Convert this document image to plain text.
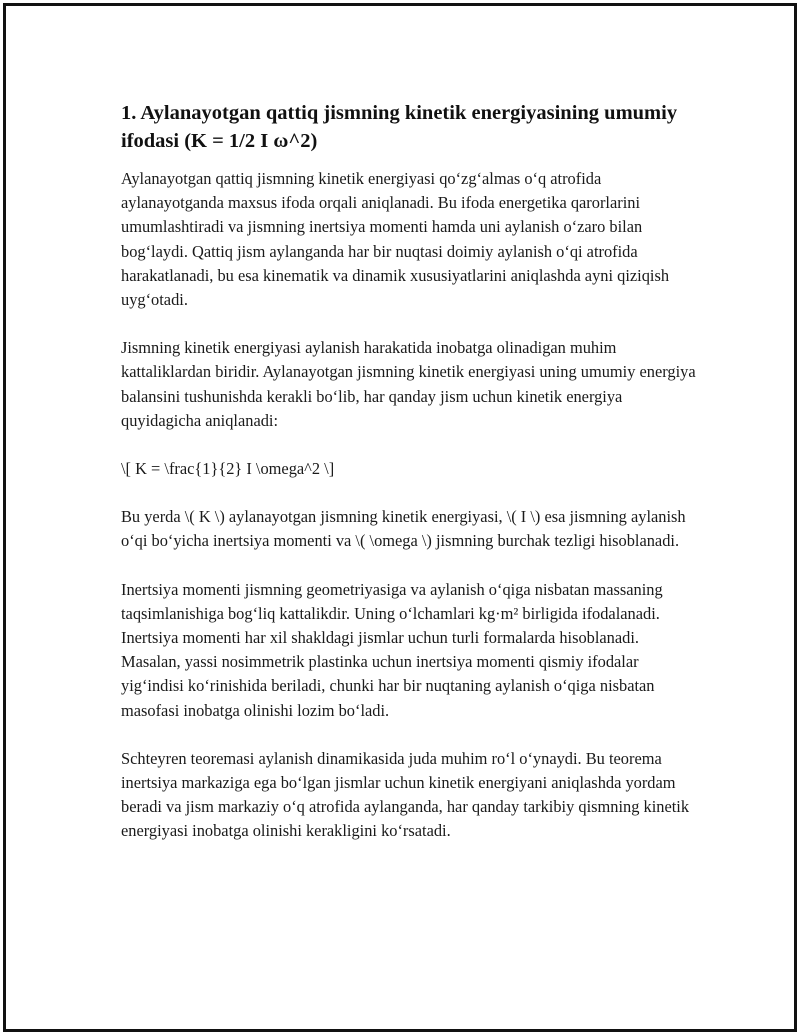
1. Aylanayotgan qattiq jismning kinetik energiyasining umumiy ifodasi (K = 1/2 I ω^2)

Aylanayotgan qattiq jismning kinetik energiyasi qo‘zg‘almas o‘q atrofida aylanayotganda maxsus ifoda orqali aniqlanadi. Bu ifoda energetika qarorlarini umumlashtiradi va jismning inertsiya momenti hamda uni aylanish o‘zaro bilan bog‘laydi. Qattiq jism aylanganda har bir nuqtasi doimiy aylanish o‘qi atrofida harakatlanadi, bu esa kinematik va dinamik xususiyatlarini aniqlashda ayni qiziqish uyg‘otadi.

Jismning kinetik energiyasi aylanish harakatida inobatga olinadigan muhim kattaliklardan biridir. Aylanayotgan jismning kinetik energiyasi uning umumiy energiya balansini tushunishda kerakli bo‘lib, har qanday jism uchun kinetik energiya quyidagicha aniqlanadi:

\[ K = \frac{1}{2} I \omega^2 \]

Bu yerda \( K \) aylanayotgan jismning kinetik energiyasi, \( I \) esa jismning aylanish o‘qi bo‘yicha inertsiya momenti va \( \omega \) jismning burchak tezligi hisoblanadi.

Inertsiya momenti jismning geometriyasiga va aylanish o‘qiga nisbatan massaning taqsimlanishiga bog‘liq kattalikdir. Uning o‘lchamlari kg·m² birligida ifodalanadi. Inertsiya momenti har xil shakldagi jismlar uchun turli formalarda hisoblanadi. Masalan, yassi nosimmetrik plastinka uchun inertsiya momenti qismiy ifodalar yig‘indisi ko‘rinishida beriladi, chunki har bir nuqtaning aylanish o‘qiga nisbatan masofasi inobatga olinishi lozim bo‘ladi.

Schteyren teoremasi aylanish dinamikasida juda muhim ro‘l o‘ynaydi. Bu teorema inertsiya markaziga ega bo‘lgan jismlar uchun kinetik energiyani aniqlashda yordam beradi va jism markaziy o‘q atrofida aylanganda, har qanday tarkibiy qismning kinetik energiyasi inobatga olinishi kerakligini ko‘rsatadi.
